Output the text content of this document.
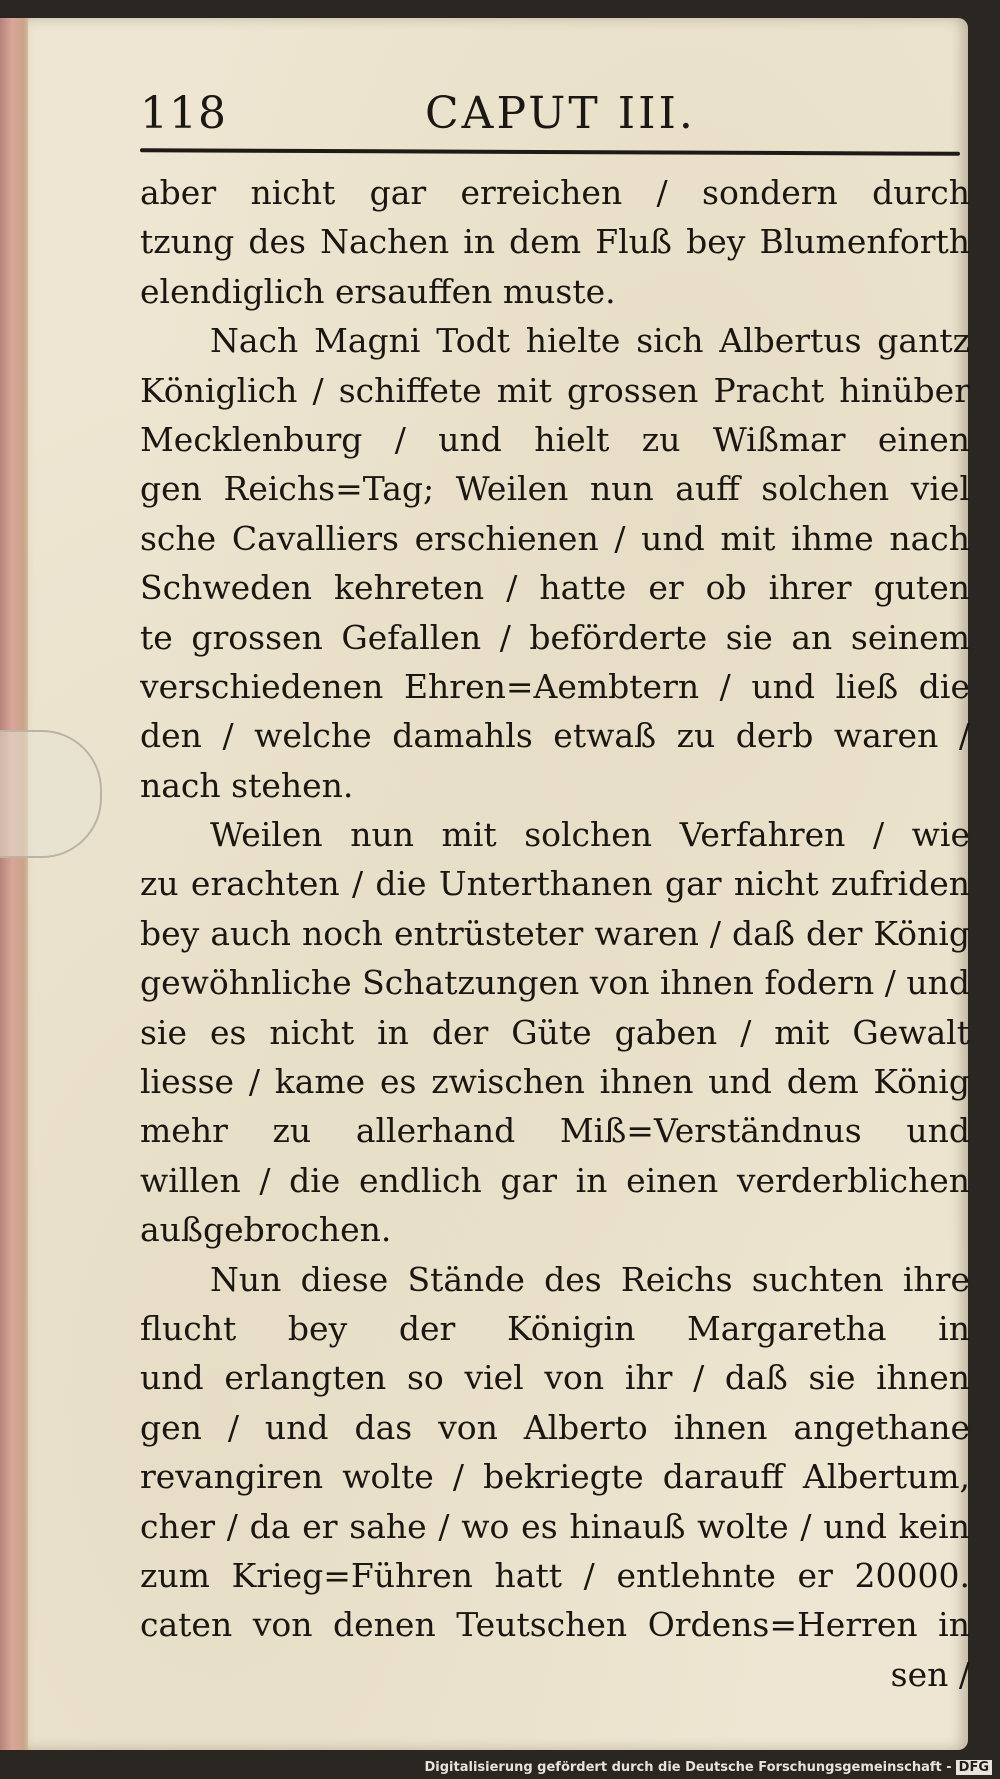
118	CAPUT III.
aber nicht gar erreichen / sondern durch
tzung des Nachen in dem Fluß bey Blumenforth
elendiglich ersauffen muste.
Nach Magni Todt hielte sich Albertus gantz
Königlich / schiffete mit grossen Pracht hinüber
Mecklenburg / und hielt zu Wißmar einen
gen Reichs=Tag; Weilen nun auff solchen viel
sche Cavalliers erschienen / und mit ihme nach
Schweden kehreten / hatte er ob ihrer guten
te grossen Gefallen / beförderte sie an seinem
verschiedenen Ehren=Aembtern / und ließ die
den / welche damahls etwaß zu derb waren /
nach stehen.
Weilen nun mit solchen Verfahren / wie
zu erachten / die Unterthanen gar nicht zufriden
bey auch noch entrüsteter waren / daß der König
gewöhnliche Schatzungen von ihnen fodern / und
sie es nicht in der Güte gaben / mit Gewalt
liesse / kame es zwischen ihnen und dem König
mehr zu allerhand Miß=Verständnus und
willen / die endlich gar in einen verderblichen
außgebrochen.
Nun diese Stände des Reichs suchten ihre
flucht bey der Königin Margaretha in
und erlangten so viel von ihr / daß sie ihnen
gen / und das von Alberto ihnen angethane
revangiren wolte / bekriegte darauff Albertum,
cher / da er sahe / wo es hinauß wolte / und kein
zum Krieg=Führen hatt / entlehnte er 20000.
caten von denen Teutschen Ordens=Herren in
sen /
Digitalisierung gefördert durch die Deutsche Forschungsgemeinschaft - DFG
